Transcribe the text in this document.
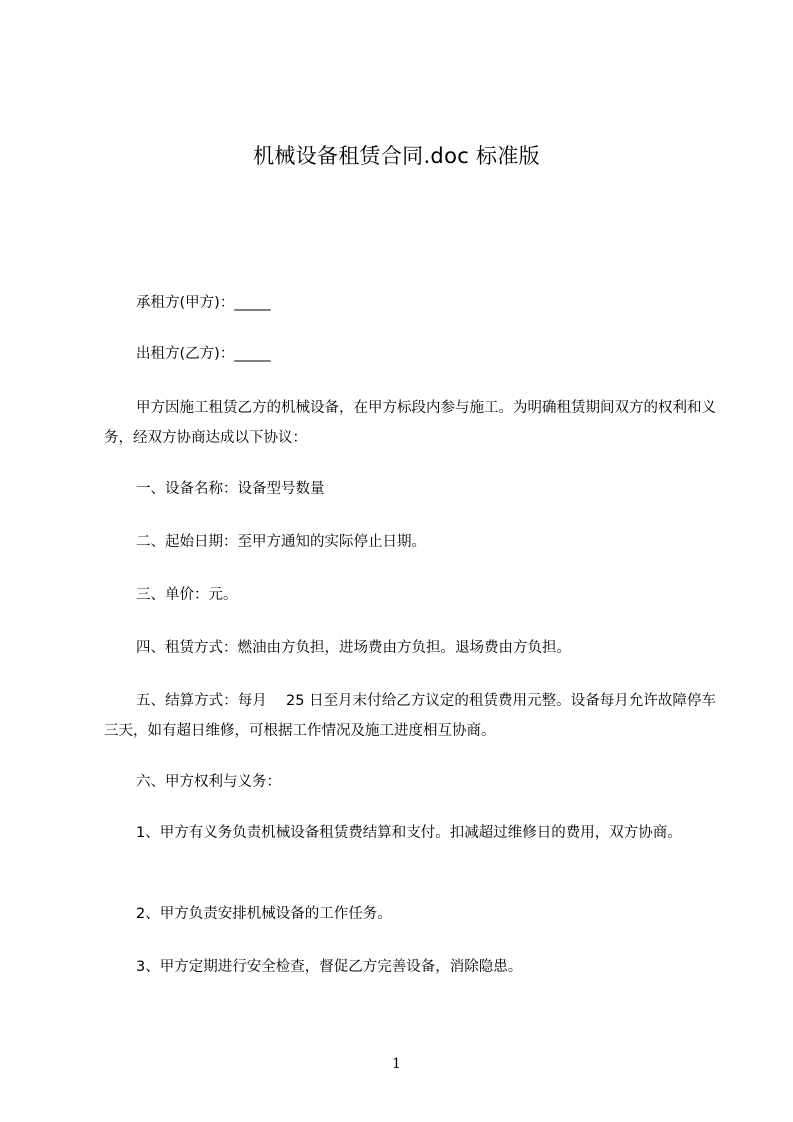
机械设备租赁合同.doc 标准版
承租方(甲方)：_____
出租方(乙方)：_____
甲方因施工租赁乙方的机械设备，在甲方标段内参与施工。为明确租赁期间双方的权利和义务，经双方协商达成以下协议：
一、设备名称：设备型号数量
二、起始日期：至甲方通知的实际停止日期。
三、单价：元。
四、租赁方式：燃油由方负担，进场费由方负担。退场费由方负担。
五、结算方式：每月　 25 日至月末付给乙方议定的租赁费用元整。设备每月允许故障停车三天，如有超日维修，可根据工作情况及施工进度相互协商。
六、甲方权利与义务：
1、甲方有义务负责机械设备租赁费结算和支付。扣减超过维修日的费用，双方协商。
2、甲方负责安排机械设备的工作任务。
3、甲方定期进行安全检查，督促乙方完善设备，消除隐患。
1
